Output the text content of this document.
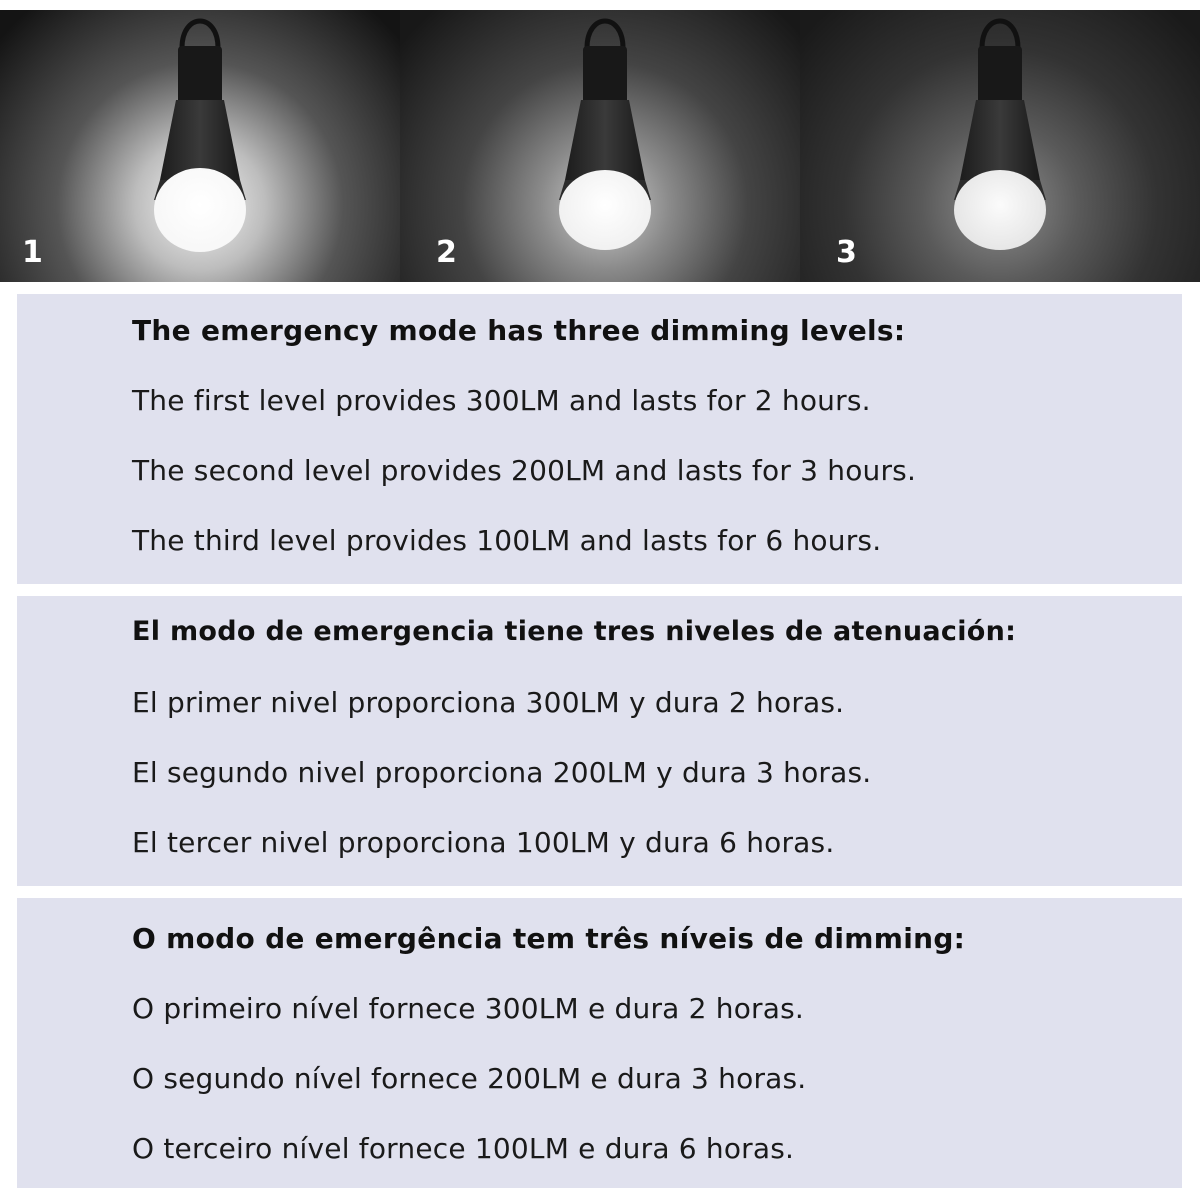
1	2	3
The emergency mode has three dimming levels:
The first level provides 300LM and lasts for 2 hours.
The second level provides 200LM and lasts for 3 hours.
The third level provides 100LM and lasts for 6 hours.
El modo de emergencia tiene tres niveles de atenuación:
El primer nivel proporciona 300LM y dura 2 horas.
El segundo nivel proporciona 200LM y dura 3 horas.
El tercer nivel proporciona 100LM y dura 6 horas.
O modo de emergência tem três níveis de dimming:
O primeiro nível fornece 300LM e dura 2 horas.
O segundo nível fornece 200LM e dura 3 horas.
O terceiro nível fornece 100LM e dura 6 horas.
